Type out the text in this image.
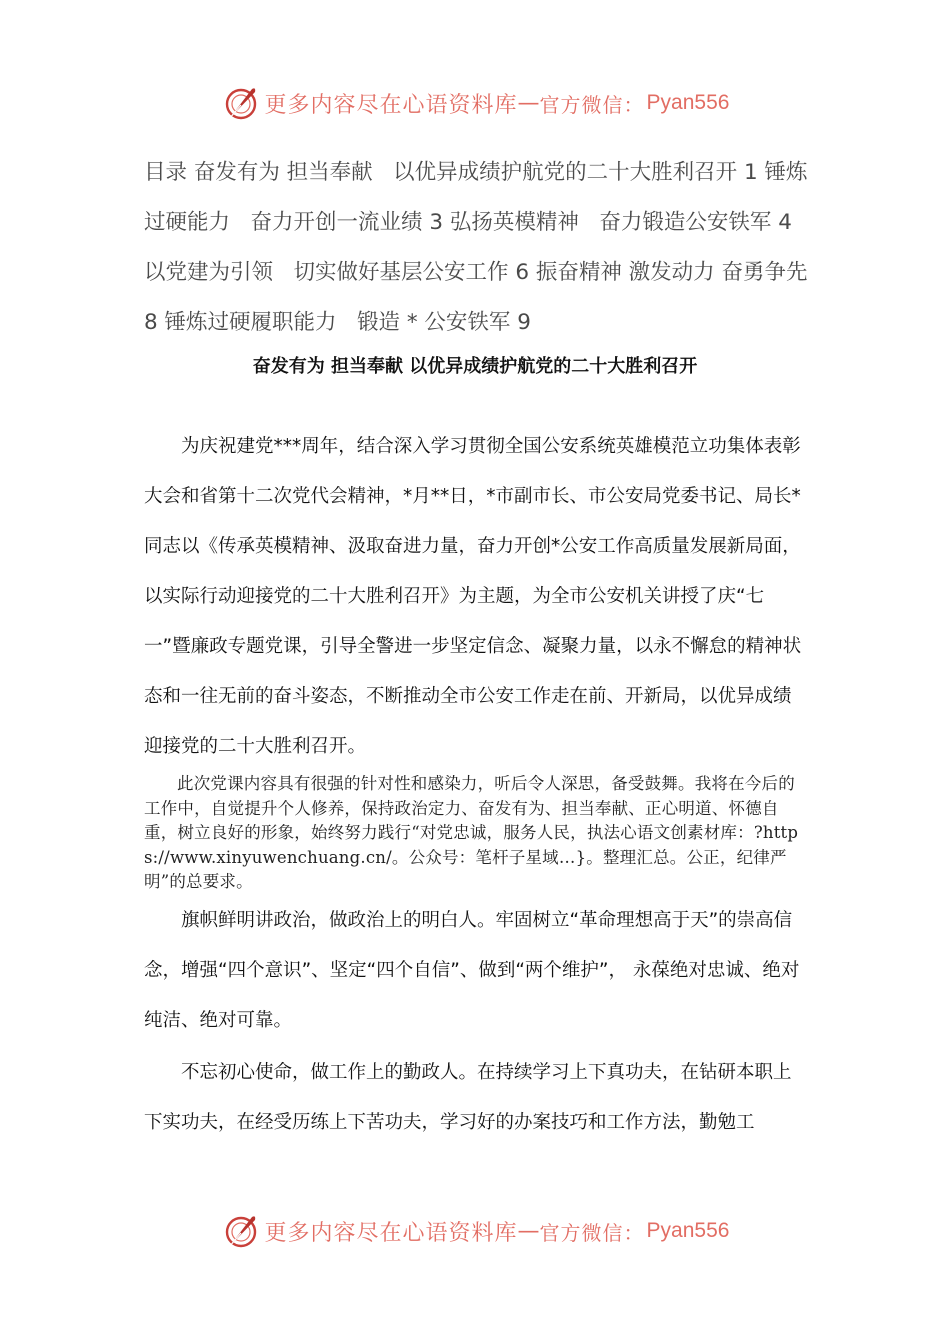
更多内容尽在心语资料库 — 官方微信： Pyan556
目录 奋发有为 担当奉献   以优异成绩护航党的二十大胜利召开 1 锤炼过硬能力   奋力开创一流业绩 3 弘扬英模精神   奋力锻造公安铁军 4 以党建为引领   切实做好基层公安工作 6 振奋精神 激发动力 奋勇争先 8 锤炼过硬履职能力   锻造 * 公安铁军 9
奋发有为 担当奉献 以优异成绩护航党的二十大胜利召开

为庆祝建党***周年，结合深入学习贯彻全国公安系统英雄模范立功集体表彰大会和省第十二次党代会精神，*月**日，*市副市长、市公安局党委书记、局长*同志以《传承英模精神、汲取奋进力量，奋力开创*公安工作高质量发展新局面，以实际行动迎接党的二十大胜利召开》为主题，为全市公安机关讲授了庆“七一”暨廉政专题党课，引导全警进一步坚定信念、凝聚力量，以永不懈怠的精神状态和一往无前的奋斗姿态，不断推动全市公安工作走在前、开新局，以优异成绩迎接党的二十大胜利召开。

此次党课内容具有很强的针对性和感染力，听后令人深思，备受鼓舞。我将在今后的工作中，自觉提升个人修养，保持政治定力、奋发有为、担当奉献、正心明道、怀德自重，树立良好的形象，始终努力践行“对党忠诚，服务人民，执法心语文创素材库：?https://www.xinyuwenchuang.cn/。公众号：笔杆子星域…}。整理汇总。公正，纪律严明”的总要求。

旗帜鲜明讲政治，做政治上的明白人。牢固树立“革命理想高于天”的崇高信念，增强“四个意识”、坚定“四个自信”、做到“两个维护”， 永葆绝对忠诚、绝对纯洁、绝对可靠。

不忘初心使命，做工作上的勤政人。在持续学习上下真功夫，在钻研本职上下实功夫，在经受历练上下苦功夫，学习好的办案技巧和工作方法，勤勉工

更多内容尽在心语资料库 — 官方微信： Pyan556
